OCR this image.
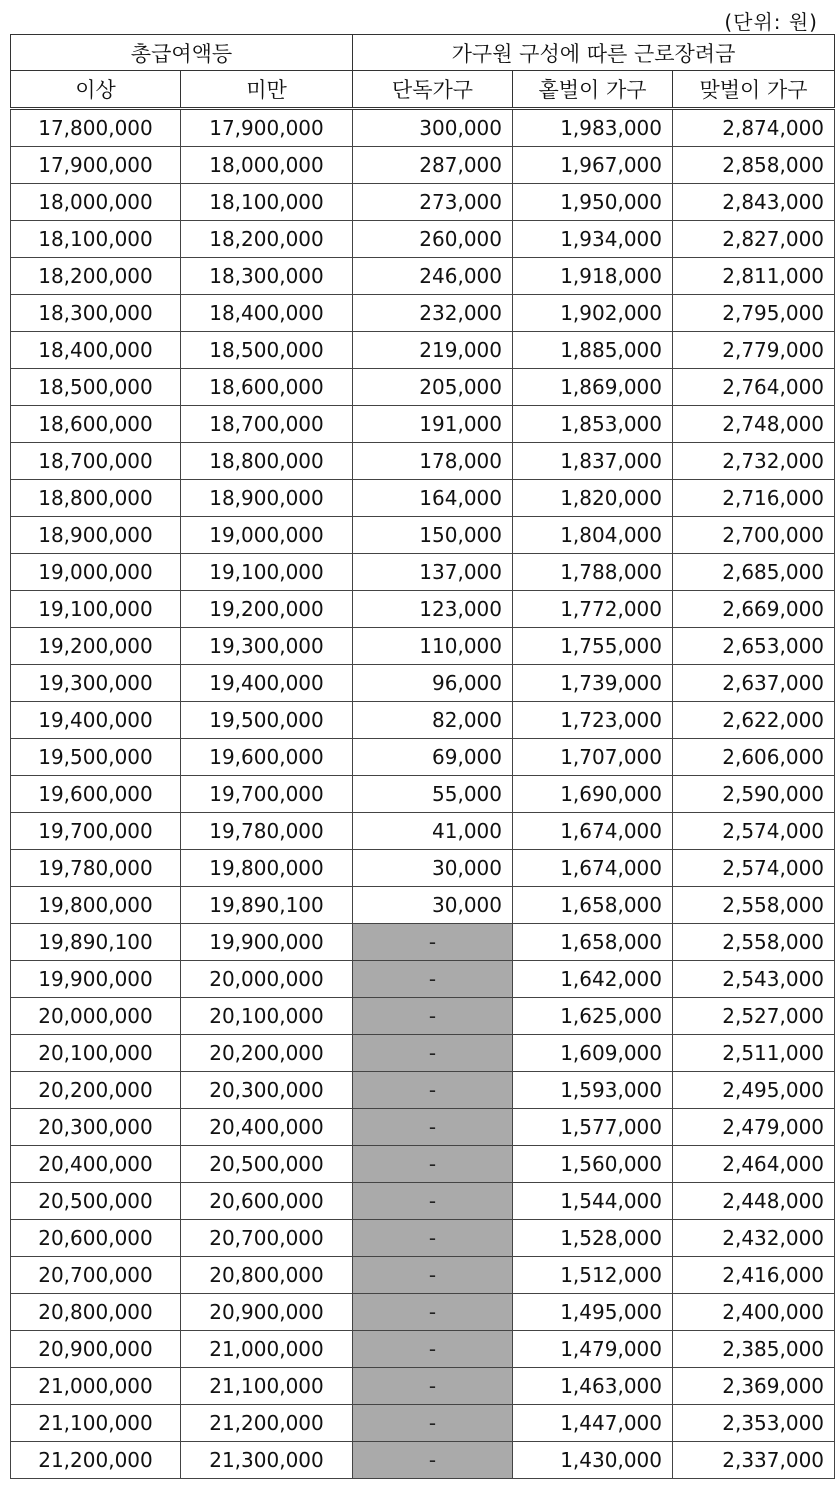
(단위: 원)
총급여액등		가구원 구성에 따른 근로장려금		
이상	미만	단독가구	홑벌이 가구	맞벌이 가구
17,800,000	17,900,000	300,000	1,983,000	2,874,000
17,900,000	18,000,000	287,000	1,967,000	2,858,000
18,000,000	18,100,000	273,000	1,950,000	2,843,000
18,100,000	18,200,000	260,000	1,934,000	2,827,000
18,200,000	18,300,000	246,000	1,918,000	2,811,000
18,300,000	18,400,000	232,000	1,902,000	2,795,000
18,400,000	18,500,000	219,000	1,885,000	2,779,000
18,500,000	18,600,000	205,000	1,869,000	2,764,000
18,600,000	18,700,000	191,000	1,853,000	2,748,000
18,700,000	18,800,000	178,000	1,837,000	2,732,000
18,800,000	18,900,000	164,000	1,820,000	2,716,000
18,900,000	19,000,000	150,000	1,804,000	2,700,000
19,000,000	19,100,000	137,000	1,788,000	2,685,000
19,100,000	19,200,000	123,000	1,772,000	2,669,000
19,200,000	19,300,000	110,000	1,755,000	2,653,000
19,300,000	19,400,000	96,000	1,739,000	2,637,000
19,400,000	19,500,000	82,000	1,723,000	2,622,000
19,500,000	19,600,000	69,000	1,707,000	2,606,000
19,600,000	19,700,000	55,000	1,690,000	2,590,000
19,700,000	19,780,000	41,000	1,674,000	2,574,000
19,780,000	19,800,000	30,000	1,674,000	2,574,000
19,800,000	19,890,100	30,000	1,658,000	2,558,000
19,890,100	19,900,000	-	1,658,000	2,558,000
19,900,000	20,000,000	-	1,642,000	2,543,000
20,000,000	20,100,000	-	1,625,000	2,527,000
20,100,000	20,200,000	-	1,609,000	2,511,000
20,200,000	20,300,000	-	1,593,000	2,495,000
20,300,000	20,400,000	-	1,577,000	2,479,000
20,400,000	20,500,000	-	1,560,000	2,464,000
20,500,000	20,600,000	-	1,544,000	2,448,000
20,600,000	20,700,000	-	1,528,000	2,432,000
20,700,000	20,800,000	-	1,512,000	2,416,000
20,800,000	20,900,000	-	1,495,000	2,400,000
20,900,000	21,000,000	-	1,479,000	2,385,000
21,000,000	21,100,000	-	1,463,000	2,369,000
21,100,000	21,200,000	-	1,447,000	2,353,000
21,200,000	21,300,000	-	1,430,000	2,337,000
